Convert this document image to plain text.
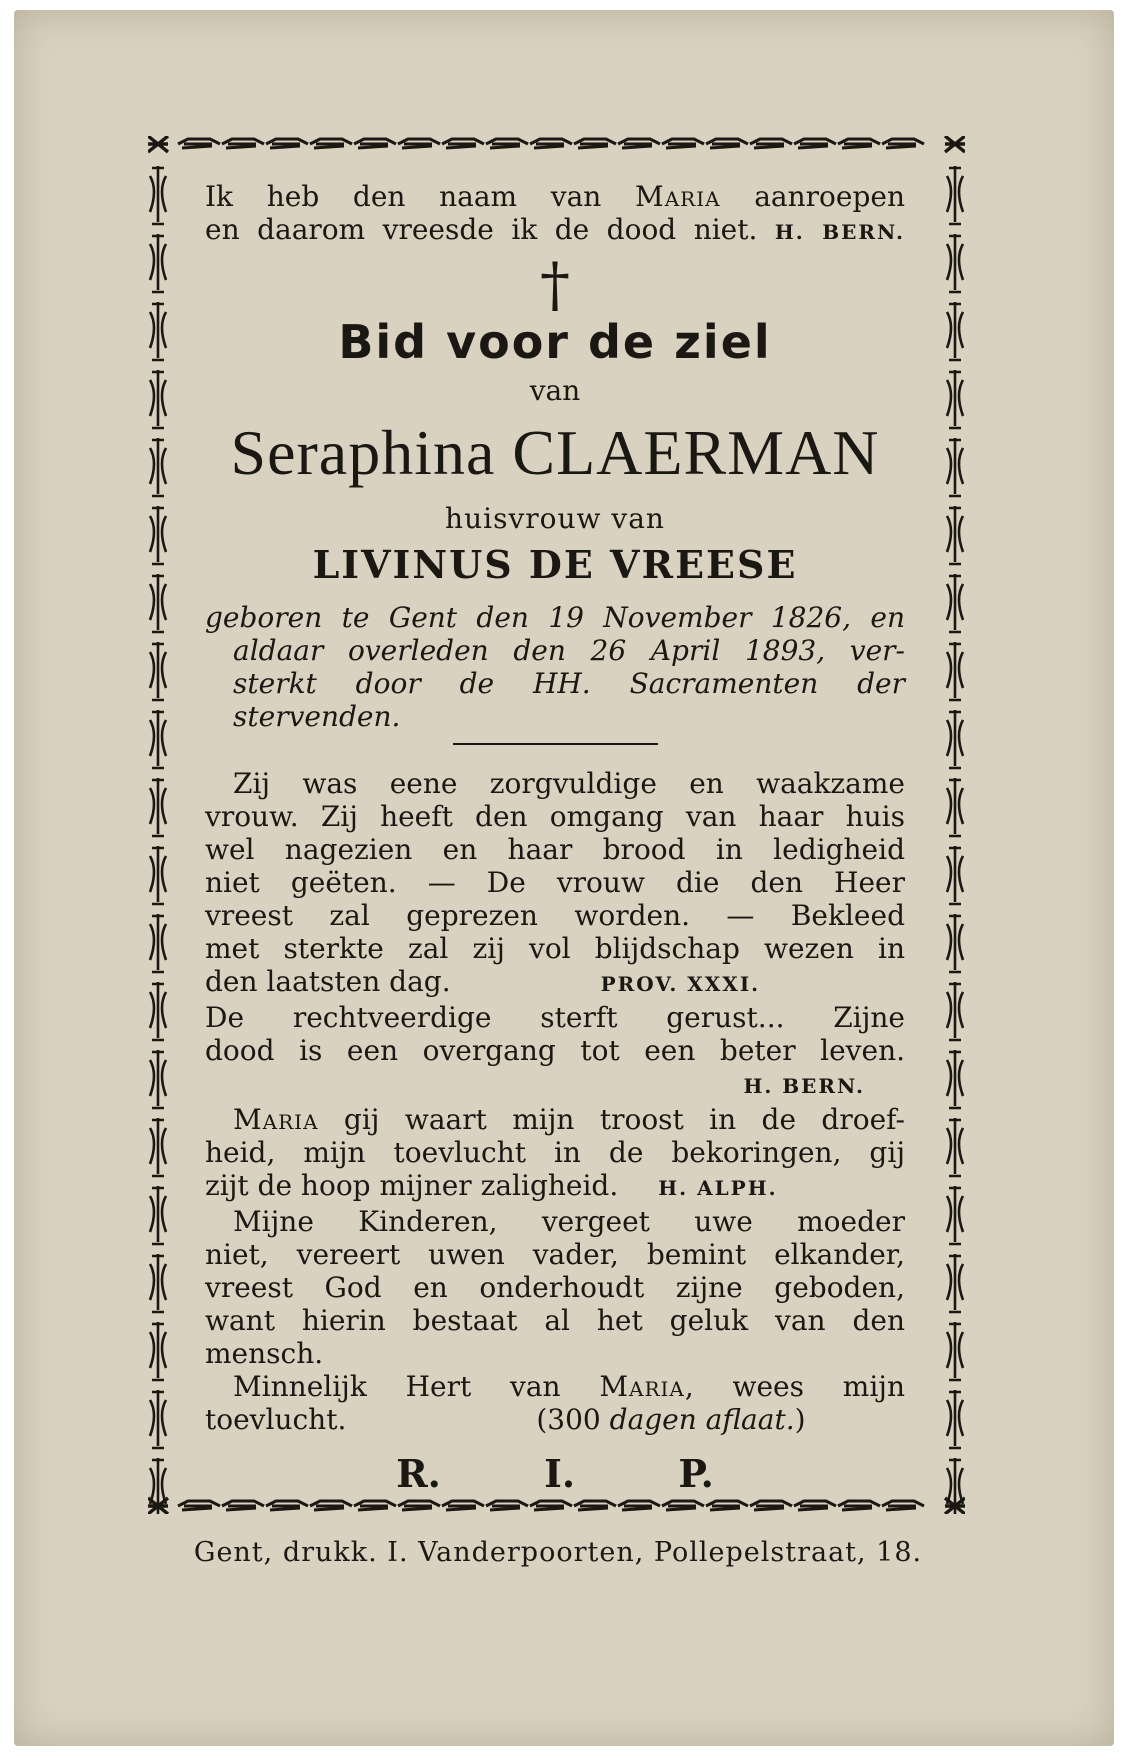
Ik heb den naam van Maria aanroepen
en daarom vreesde ik de dood niet. H. BERN.
†
Bid voor de ziel
van
Seraphina CLAERMAN
huisvrouw van
LIVINUS DE VREESE
geboren te Gent den 19 November 1826, en
aldaar overleden den 26 April 1893, ver-
sterkt door de HH. Sacramenten der
stervenden.

Zij was eene zorgvuldige en waakzame

vrouw. Zij heeft den omgang van haar huis

wel nagezien en haar brood in ledigheid

niet geëten. — De vrouw die den Heer

vreest zal geprezen worden. — Bekleed

met sterkte zal zij vol blijdschap wezen in

den laatsten dag.	PROV. XXXI.

De rechtveerdige sterft gerust... Zijne

dood is een overgang tot een beter leven.

H. BERN.

Maria gij waart mijn troost in de droef-

heid, mijn toevlucht in de bekoringen, gij

zijt de hoop mijner zaligheid. H. ALPH.

Mijne Kinderen, vergeet uwe moeder

niet, vereert uwen vader, bemint elkander,

vreest God en onderhoudt zijne geboden,

want hierin bestaat al het geluk van den

mensch.

Minnelijk Hert van Maria, wees mijn

toevlucht.	(300 dagen aflaat.)

R. I. P.
Gent, drukk. I. Vanderpoorten, Pollepelstraat, 18.
